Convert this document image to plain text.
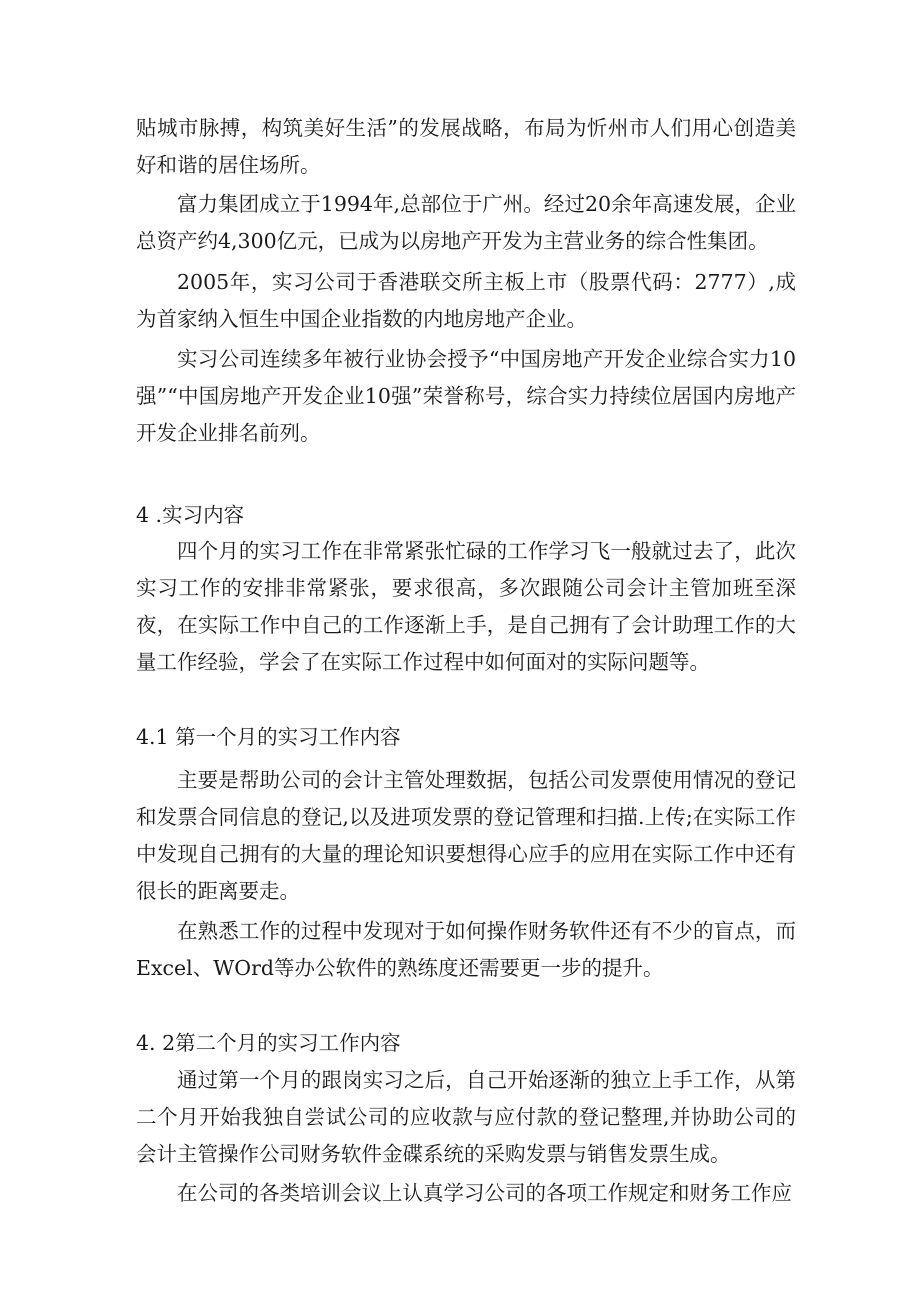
贴城市脉搏，构筑美好生活”的发展战略，布局为忻州市人们用心创造美好和谐的居住场所。

富力集团成立于1994年,总部位于广州。经过20余年高速发展，企业总资产约4,300亿元，已成为以房地产开发为主营业务的综合性集团。

2005年，实习公司于香港联交所主板上市（股票代码：2777）,成为首家纳入恒生中国企业指数的内地房地产企业。

实习公司连续多年被行业协会授予“中国房地产开发企业综合实力10强”“中国房地产开发企业10强”荣誉称号，综合实力持续位居国内房地产开发企业排名前列。

4 .实习内容

四个月的实习工作在非常紧张忙碌的工作学习飞一般就过去了，此次实习工作的安排非常紧张，要求很高，多次跟随公司会计主管加班至深夜，在实际工作中自己的工作逐渐上手，是自己拥有了会计助理工作的大量工作经验，学会了在实际工作过程中如何面对的实际问题等。

4.1 第一个月的实习工作内容

主要是帮助公司的会计主管处理数据，包括公司发票使用情况的登记和发票合同信息的登记,以及进项发票的登记管理和扫描.上传;在实际工作中发现自己拥有的大量的理论知识要想得心应手的应用在实际工作中还有很长的距离要走。

在熟悉工作的过程中发现对于如何操作财务软件还有不少的盲点，而Excel、WOrd等办公软件的熟练度还需要更一步的提升。

4. 2第二个月的实习工作内容

通过第一个月的跟岗实习之后，自己开始逐渐的独立上手工作，从第二个月开始我独自尝试公司的应收款与应付款的登记整理,并协助公司的会计主管操作公司财务软件金碟系统的采购发票与销售发票生成。

在公司的各类培训会议上认真学习公司的各项工作规定和财务工作应
